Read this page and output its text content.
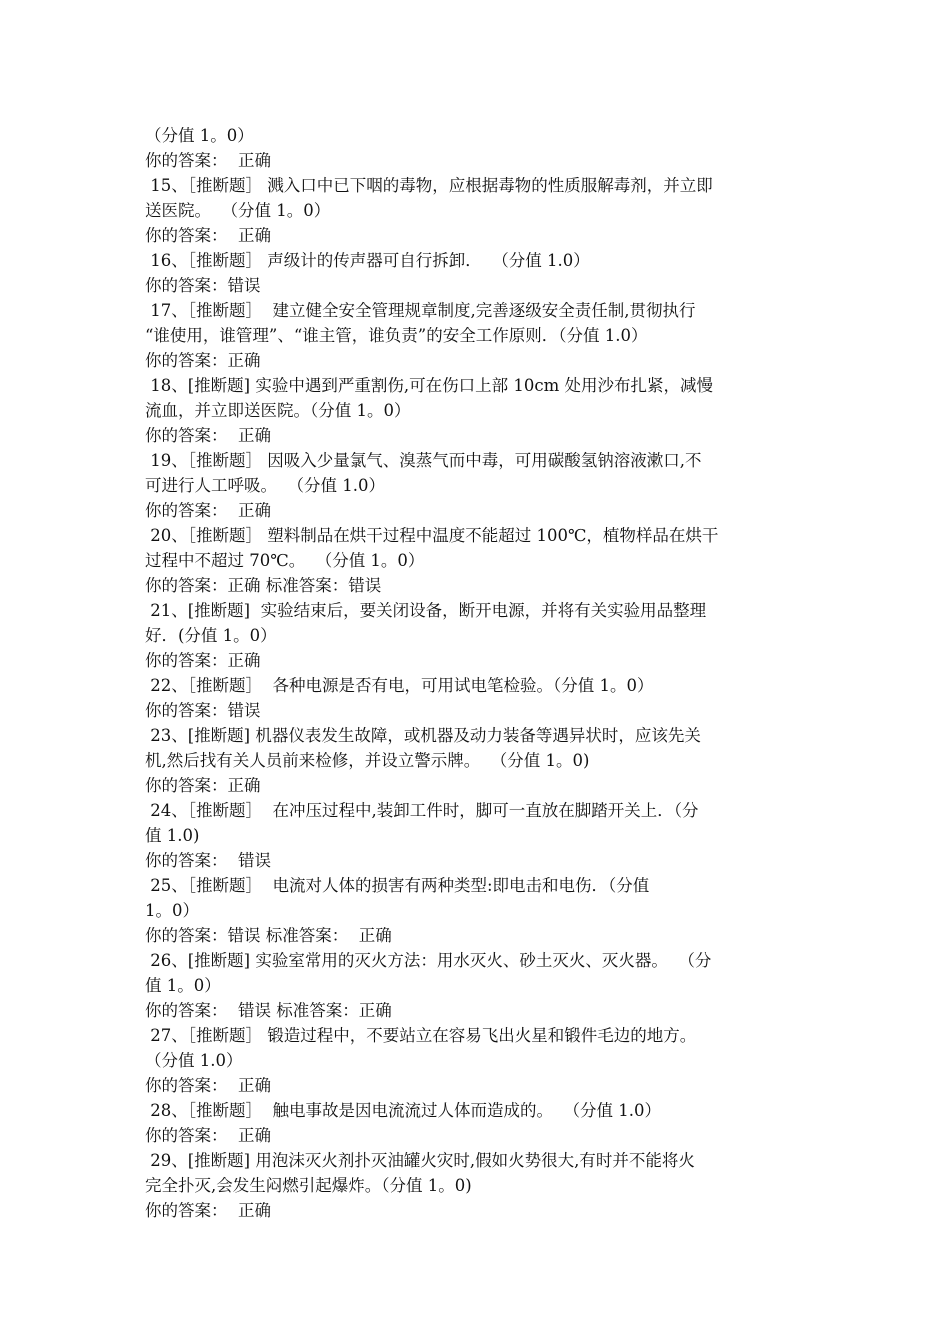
（分值 1。0）
你的答案：  正确
15、［推断题］ 溅入口中已下咽的毒物，应根据毒物的性质服解毒剂，并立即
送医院。  （分值 1。0）
你的答案：  正确
16、［推断题］ 声级计的传声器可自行拆卸．  （分值 1.0）
你的答案：错误
17、［推断题］  建立健全安全管理规章制度,完善逐级安全责任制,贯彻执行
“谁使用，谁管理”、“谁主管，谁负责”的安全工作原则．（分值 1.0）
你的答案：正确
18、[推断题] 实验中遇到严重割伤,可在伤口上部 10cm 处用沙布扎紧，减慢
流血，并立即送医院。（分值 1。0）
你的答案：  正确
19、［推断题］ 因吸入少量氯气、溴蒸气而中毒，可用碳酸氢钠溶液漱口,不
可进行人工呼吸。  （分值 1.0）
你的答案：  正确
20、［推断题］ 塑料制品在烘干过程中温度不能超过 100℃，植物样品在烘干
过程中不超过 70℃。  （分值 1。0）
你的答案：正确 标准答案：错误
21、[推断题]  实验结束后，要关闭设备，断开电源，并将有关实验用品整理
好．(分值 1。0）
你的答案：正确
22、［推断题］  各种电源是否有电，可用试电笔检验。（分值 1。0）
你的答案：错误
23、[推断题] 机器仪表发生故障，或机器及动力装备等遇异状时，应该先关
机,然后找有关人员前来检修，并设立警示牌。  （分值 1。0)
你的答案：正确
24、［推断题］  在冲压过程中,装卸工件时，脚可一直放在脚踏开关上．（分
值 1.0)
你的答案：  错误
25、［推断题］  电流对人体的损害有两种类型:即电击和电伤．（分值
1。0）
你的答案：错误 标准答案：  正确
26、[推断题] 实验室常用的灭火方法：用水灭火、砂土灭火、灭火器。  （分
值 1。0）
你的答案：  错误 标准答案：正确
27、［推断题］ 锻造过程中，不要站立在容易飞出火星和锻件毛边的地方。
（分值 1.0）
你的答案：  正确
28、［推断题］  触电事故是因电流流过人体而造成的。  （分值 1.0）
你的答案：  正确
29、[推断题] 用泡沫灭火剂扑灭油罐火灾时,假如火势很大,有时并不能将火
完全扑灭,会发生闷燃引起爆炸。（分值 1。0)
你的答案：  正确
